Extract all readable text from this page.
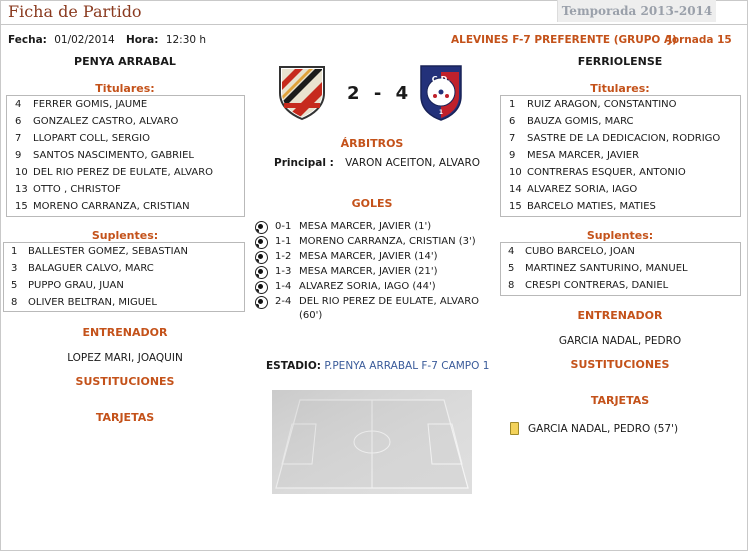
Ficha de Partido	Temporada 2013-2014
Fecha: 01/02/2014 Hora: 12:30 h	ALEVINES F-7 PREFERENTE (GRUPO A)
Jornada 15
PENYA ARRABAL	FERRIOLENSE
Titulares:
4 FERRER GOMIS, JAUME
6 GONZALEZ CASTRO, ALVARO
7 LLOPART COLL, SERGIO
9 SANTOS NASCIMENTO, GABRIEL
10 DEL RIO PEREZ DE EULATE, ALVARO
13 OTTO , CHRISTOF
15 MORENO CARRANZA, CRISTIAN
Suplentes:
1 BALLESTER GOMEZ, SEBASTIAN
3 BALAGUER CALVO, MARC
5 PUPPO GRAU, JUAN
8 OLIVER BELTRAN, MIGUEL
ENTRENADOR
LOPEZ MARI, JOAQUIN
SUSTITUCIONES
TARJETAS
Titulares:
1 RUIZ ARAGON, CONSTANTINO
6 BAUZA GOMIS, MARC
7 SASTRE DE LA DEDICACION, RODRIGO
9 MESA MARCER, JAVIER
10 CONTRERAS ESQUER, ANTONIO
14 ALVAREZ SORIA, IAGO
15 BARCELO MATIES, MATIES
Suplentes:
4 CUBO BARCELO, JOAN
5 MARTINEZ SANTURINO, MANUEL
8 CRESPI CONTRERAS, DANIEL
ENTRENADOR
GARCIA NADAL, PEDRO
SUSTITUCIONES
TARJETAS
GARCIA NADAL, PEDRO (57')
2 - 4
C.D.
1
ÁRBITROS
Principal : VARON ACEITON, ALVARO
GOLES
0-1 MESA MARCER, JAVIER (1')
1-1 MORENO CARRANZA, CRISTIAN (3')
1-2 MESA MARCER, JAVIER (14')
1-3 MESA MARCER, JAVIER (21')
1-4 ALVAREZ SORIA, IAGO (44')
2-4 DEL RIO PEREZ DE EULATE, ALVARO (60')
ESTADIO: P.PENYA ARRABAL F-7 CAMPO 1
